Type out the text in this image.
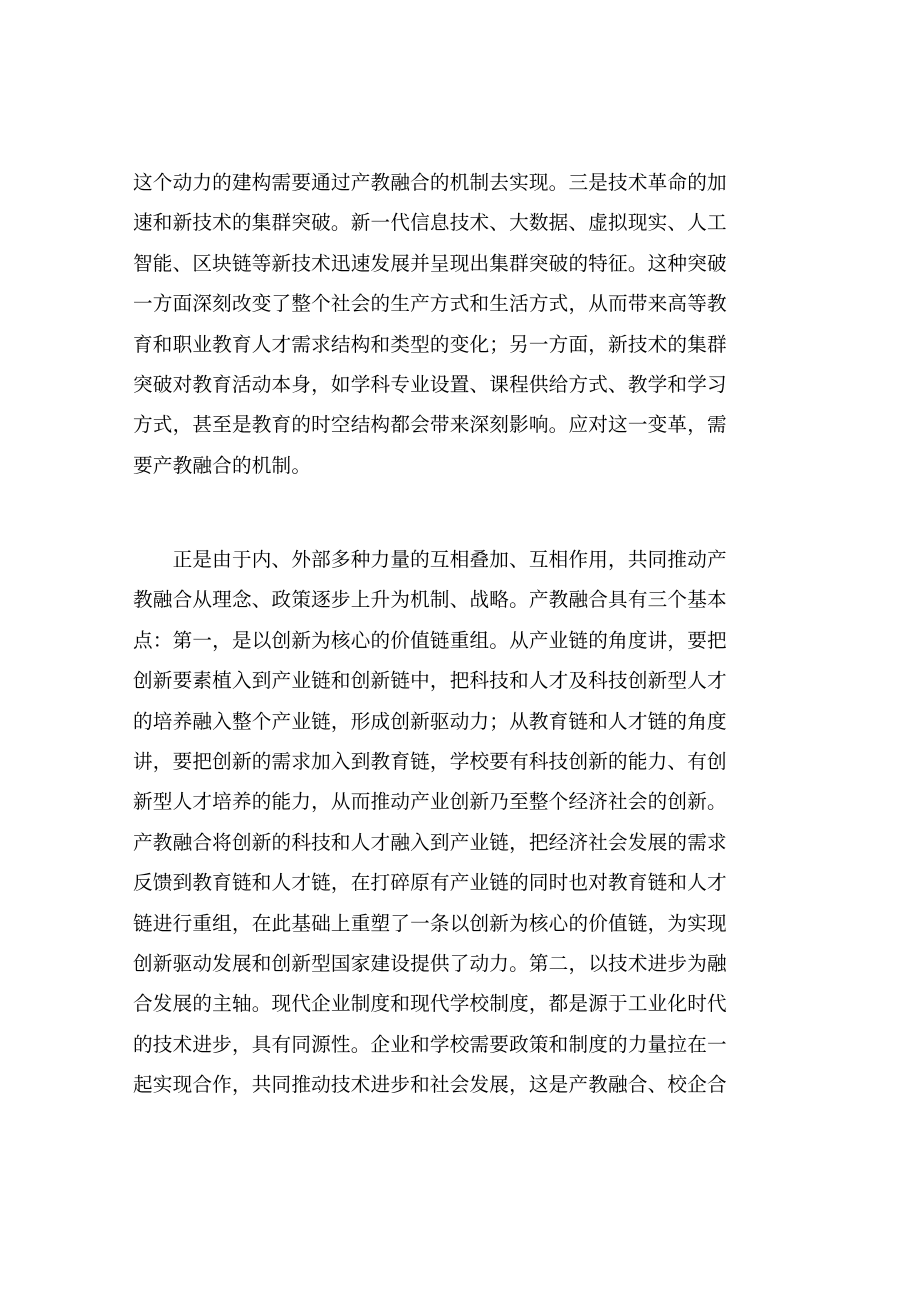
这个动力的建构需要通过产教融合的机制去实现。三是技术革命的加
速和新技术的集群突破。新一代信息技术、大数据、虚拟现实、人工
智能、区块链等新技术迅速发展并呈现出集群突破的特征。这种突破
一方面深刻改变了整个社会的生产方式和生活方式，从而带来高等教
育和职业教育人才需求结构和类型的变化；另一方面，新技术的集群
突破对教育活动本身，如学科专业设置、课程供给方式、教学和学习
方式，甚至是教育的时空结构都会带来深刻影响。应对这一变革，需
要产教融合的机制。
　　正是由于内、外部多种力量的互相叠加、互相作用，共同推动产
教融合从理念、政策逐步上升为机制、战略。产教融合具有三个基本
点：第一，是以创新为核心的价值链重组。从产业链的角度讲，要把
创新要素植入到产业链和创新链中，把科技和人才及科技创新型人才
的培养融入整个产业链，形成创新驱动力；从教育链和人才链的角度
讲，要把创新的需求加入到教育链，学校要有科技创新的能力、有创
新型人才培养的能力，从而推动产业创新乃至整个经济社会的创新。
产教融合将创新的科技和人才融入到产业链，把经济社会发展的需求
反馈到教育链和人才链，在打碎原有产业链的同时也对教育链和人才
链进行重组，在此基础上重塑了一条以创新为核心的价值链，为实现
创新驱动发展和创新型国家建设提供了动力。第二，以技术进步为融
合发展的主轴。现代企业制度和现代学校制度，都是源于工业化时代
的技术进步，具有同源性。企业和学校需要政策和制度的力量拉在一
起实现合作，共同推动技术进步和社会发展，这是产教融合、校企合
